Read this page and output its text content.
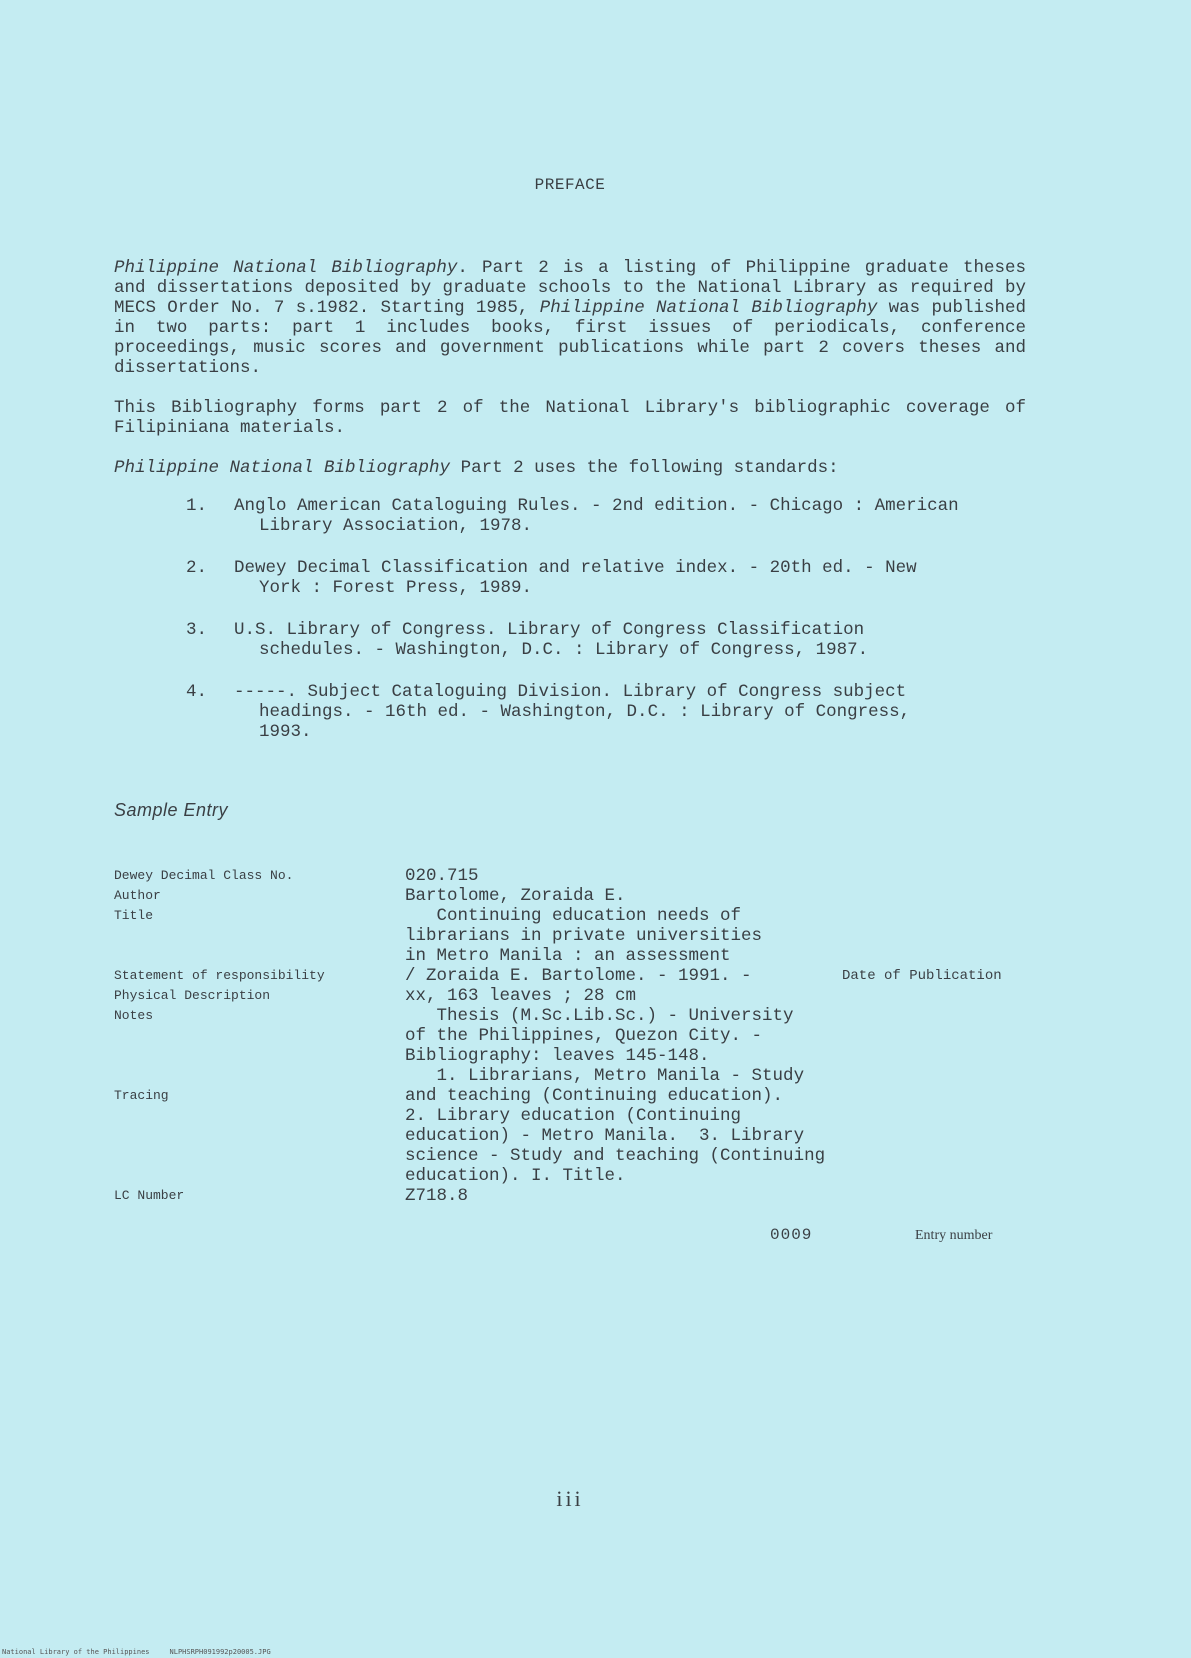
PREFACE

Philippine National Bibliography. Part 2 is a listing of Philippine graduate theses and dissertations deposited by graduate schools to the National Library as required by MECS Order No. 7 s.1982. Starting 1985, Philippine National Bibliography was published in two parts: part 1 includes books, first issues of periodicals, conference proceedings, music scores and government publications while part 2 covers theses and dissertations.

This Bibliography forms part 2 of the National Library's bibliographic coverage of Filipiniana materials.

Philippine National Bibliography Part 2 uses the following standards:

1. Anglo American Cataloguing Rules. - 2nd edition. - Chicago : American Library Association, 1978.
2. Dewey Decimal Classification and relative index. - 20th ed. - New York : Forest Press, 1989.
3. U.S. Library of Congress. Library of Congress Classification schedules. - Washington, D.C. : Library of Congress, 1987.
4. -----. Subject Cataloguing Division. Library of Congress subject headings. - 16th ed. - Washington, D.C. : Library of Congress, 1993.
Sample Entry
Dewey Decimal Class No.
Author
Title
Statement of responsibility
Physical Description
Notes
Tracing
LC Number
020.715
Bartolome, Zoraida E.
Continuing education needs of
librarians in private universities
in Metro Manila : an assessment
/ Zoraida E. Bartolome. - 1991. -
xx, 163 leaves ; 28 cm
Thesis (M.Sc.Lib.Sc.) - University
of the Philippines, Quezon City. -
Bibliography: leaves 145-148.
1. Librarians, Metro Manila - Study
and teaching (Continuing education).
2. Library education (Continuing
education) - Metro Manila.  3. Library
science - Study and teaching (Continuing
education). I. Title.
Z718.8
Date of Publication
0009	Entry number
iii
National Library of the Philippines	NLPHSRPH091992p20005.JPG
